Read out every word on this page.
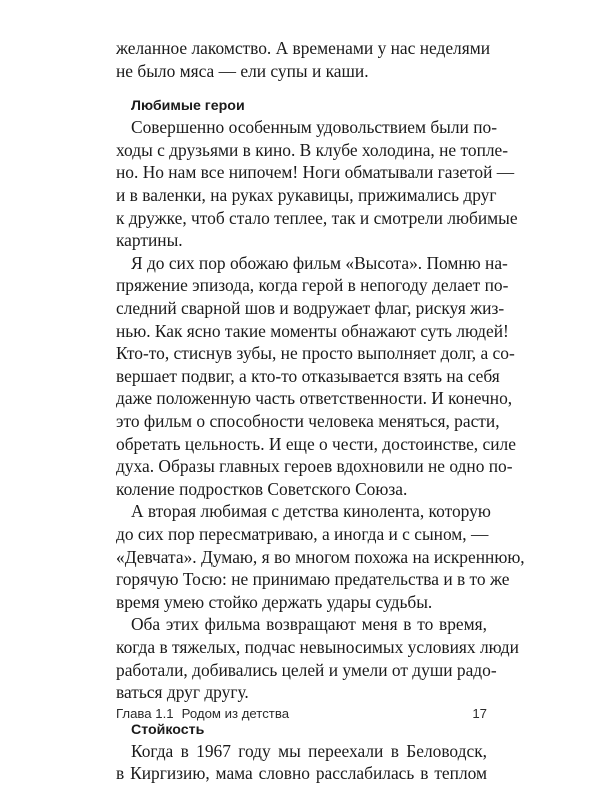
желанное лакомство. А временами у нас неделями
не было мяса — ели супы и каши.
Любимые герои
Совершенно особенным удовольствием были по-
ходы с друзьями в кино. В клубе холодина, не топле-
но. Но нам все нипочем! Ноги обматывали газетой —
и в валенки, на руках рукавицы, прижимались друг
к дружке, чтоб стало теплее, так и смотрели любимые
картины.
Я до сих пор обожаю фильм «Высота». Помню на-
пряжение эпизода, когда герой в непогоду делает по-
следний сварной шов и водружает флаг, рискуя жиз-
нью. Как ясно такие моменты обнажают суть людей!
Кто-то, стиснув зубы, не просто выполняет долг, а со-
вершает подвиг, а кто-то отказывается взять на себя
даже положенную часть ответственности. И конечно,
это фильм о способности человека меняться, расти,
обретать цельность. И еще о чести, достоинстве, силе
духа. Образы главных героев вдохновили не одно по-
коление подростков Советского Союза.
А вторая любимая с детства кинолента, которую
до сих пор пересматриваю, а иногда и с сыном, —
«Девчата». Думаю, я во многом похожа на искреннюю,
горячую Тосю: не принимаю предательства и в то же
время умею стойко держать удары судьбы.
Оба этих фильма возвращают меня в то время,
когда в тяжелых, подчас невыносимых условиях люди
работали, добивались целей и умели от души радо-
ваться друг другу.
Стойкость
Когда в 1967 году мы переехали в Беловодск,
в Киргизию, мама словно расслабилась в теплом
Глава 1.1 Родом из детства	17
